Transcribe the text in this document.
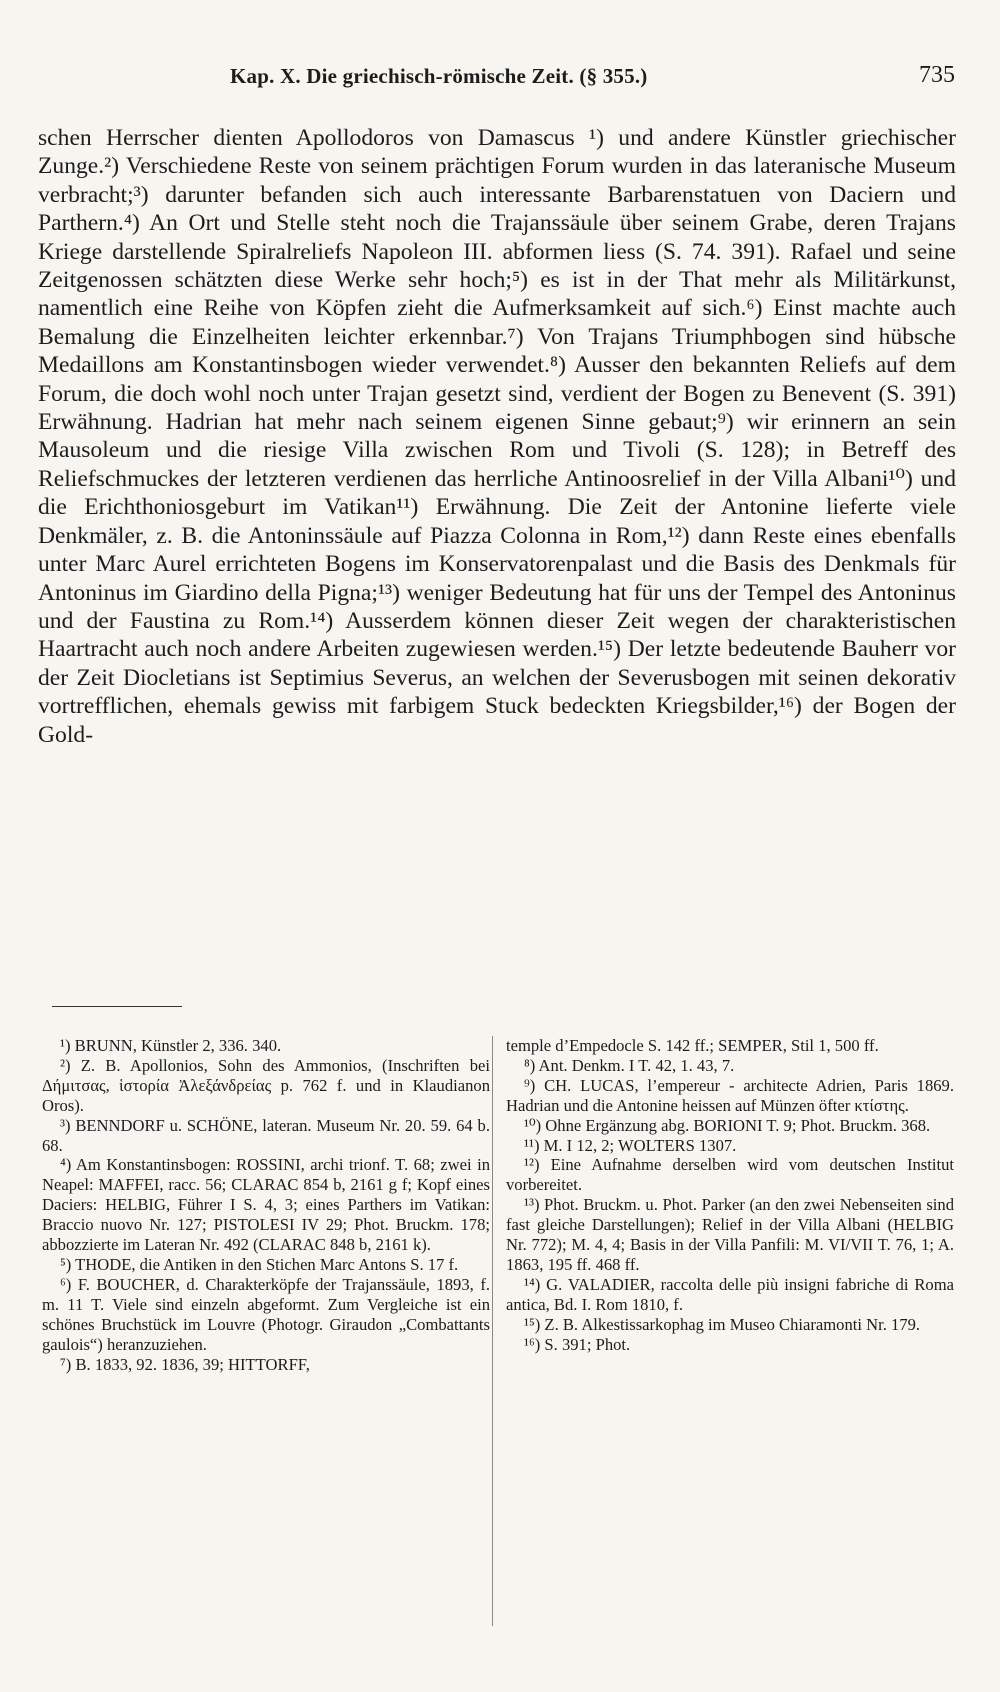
Kap. X. Die griechisch-römische Zeit. (§ 355.)	735
schen Herrscher dienten Apollodoros von Damascus ¹) und andere Künstler griechischer Zunge.²) Verschiedene Reste von seinem prächtigen Forum wurden in das lateranische Museum verbracht;³) darunter befanden sich auch interessante Barbarenstatuen von Daciern und Parthern.⁴) An Ort und Stelle steht noch die Trajanssäule über seinem Grabe, deren Trajans Kriege darstellende Spiralreliefs Napoleon III. abformen liess (S. 74. 391). Rafael und seine Zeitgenossen schätzten diese Werke sehr hoch;⁵) es ist in der That mehr als Militärkunst, namentlich eine Reihe von Köpfen zieht die Aufmerksamkeit auf sich.⁶) Einst machte auch Bemalung die Einzelheiten leichter erkennbar.⁷) Von Trajans Triumphbogen sind hübsche Medaillons am Konstantinsbogen wieder verwendet.⁸) Ausser den bekannten Reliefs auf dem Forum, die doch wohl noch unter Trajan gesetzt sind, verdient der Bogen zu Benevent (S. 391) Erwähnung. Hadrian hat mehr nach seinem eigenen Sinne gebaut;⁹) wir erinnern an sein Mausoleum und die riesige Villa zwischen Rom und Tivoli (S. 128); in Betreff des Reliefschmuckes der letzteren verdienen das herrliche Antinoosrelief in der Villa Albani¹⁰) und die Erichthoniosgeburt im Vatikan¹¹) Erwähnung. Die Zeit der Antonine lieferte viele Denkmäler, z. B. die Antoninssäule auf Piazza Colonna in Rom,¹²) dann Reste eines ebenfalls unter Marc Aurel errichteten Bogens im Konservatorenpalast und die Basis des Denkmals für Antoninus im Giardino della Pigna;¹³) weniger Bedeutung hat für uns der Tempel des Antoninus und der Faustina zu Rom.¹⁴) Ausserdem können dieser Zeit wegen der charakteristischen Haartracht auch noch andere Arbeiten zugewiesen werden.¹⁵) Der letzte bedeutende Bauherr vor der Zeit Diocletians ist Septimius Severus, an welchen der Severusbogen mit seinen dekorativ vortrefflichen, ehemals gewiss mit farbigem Stuck bedeckten Kriegsbilder,¹⁶) der Bogen der Gold-

¹) BRUNN, Künstler 2, 336. 340.

²) Z. B. Apollonios, Sohn des Ammonios, (Inschriften bei Δήμιτσας, ἱστορία Ἀλεξάνδρείας p. 762 f. und in Klaudianon Oros).

³) BENNDORF u. SCHÖNE, lateran. Museum Nr. 20. 59. 64 b. 68.

⁴) Am Konstantinsbogen: ROSSINI, archi trionf. T. 68; zwei in Neapel: MAFFEI, racc. 56; CLARAC 854 b, 2161 g f; Kopf eines Daciers: HELBIG, Führer I S. 4, 3; eines Parthers im Vatikan: Braccio nuovo Nr. 127; PISTOLESI IV 29; Phot. Bruckm. 178; abbozzierte im Lateran Nr. 492 (CLARAC 848 b, 2161 k).

⁵) THODE, die Antiken in den Stichen Marc Antons S. 17 f.

⁶) F. BOUCHER, d. Charakterköpfe der Trajanssäule, 1893, f. m. 11 T. Viele sind einzeln abgeformt. Zum Vergleiche ist ein schönes Bruchstück im Louvre (Photogr. Giraudon „Combattants gaulois“) heranzuziehen.

⁷) B. 1833, 92. 1836, 39; HITTORFF,

temple d’Empedocle S. 142 ff.; SEMPER, Stil 1, 500 ff.

⁸) Ant. Denkm. I T. 42, 1. 43, 7.

⁹) CH. LUCAS, l’empereur - architecte Adrien, Paris 1869. Hadrian und die Antonine heissen auf Münzen öfter κτίστης.

¹⁰) Ohne Ergänzung abg. BORIONI T. 9; Phot. Bruckm. 368.

¹¹) M. I 12, 2; WOLTERS 1307.

¹²) Eine Aufnahme derselben wird vom deutschen Institut vorbereitet.

¹³) Phot. Bruckm. u. Phot. Parker (an den zwei Nebenseiten sind fast gleiche Darstellungen); Relief in der Villa Albani (HELBIG Nr. 772); M. 4, 4; Basis in der Villa Panfili: M. VI/VII T. 76, 1; A. 1863, 195 ff. 468 ff.

¹⁴) G. VALADIER, raccolta delle più insigni fabriche di Roma antica, Bd. I. Rom 1810, f.

¹⁵) Z. B. Alkestissarkophag im Museo Chiaramonti Nr. 179.

¹⁶) S. 391; Phot.
